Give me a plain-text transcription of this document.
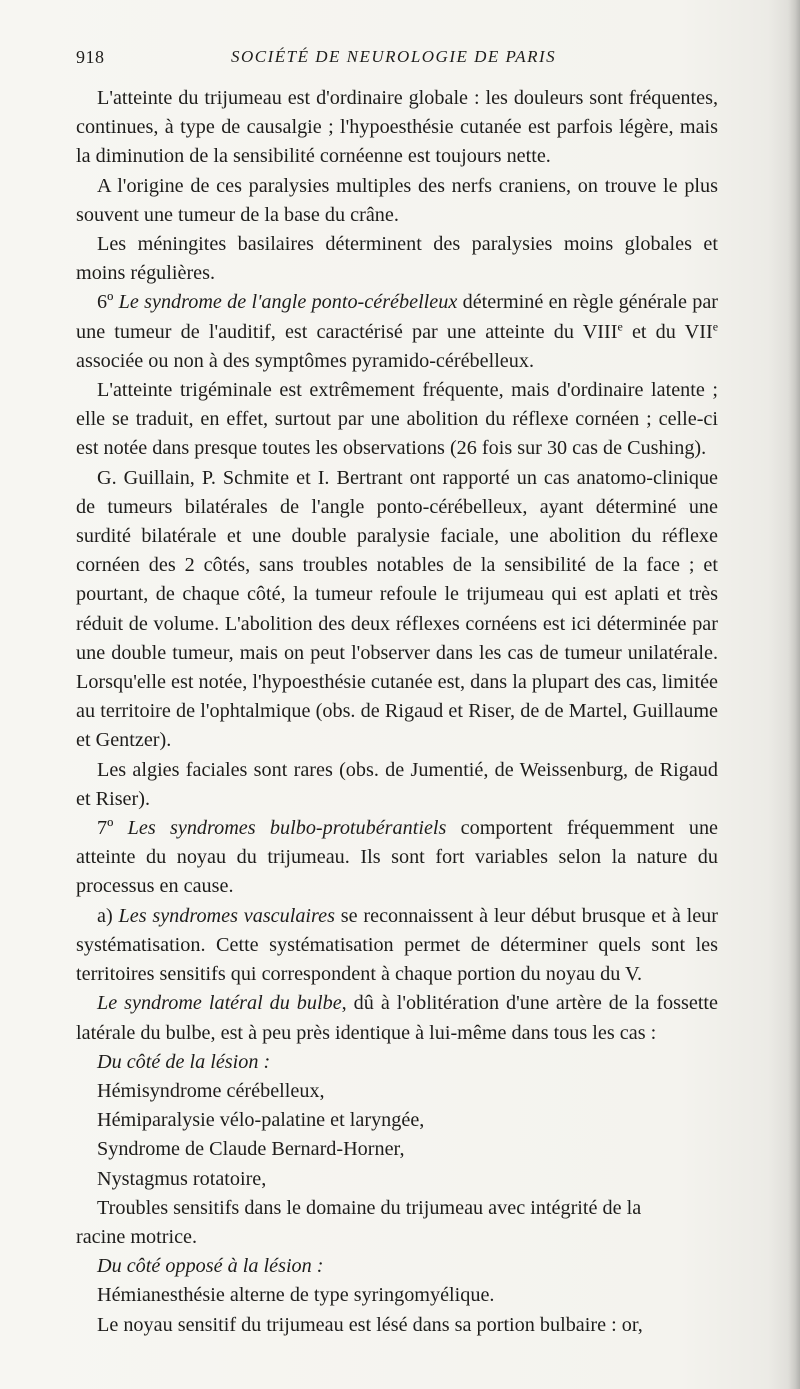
918	SOCIÉTÉ DE NEUROLOGIE DE PARIS

L'atteinte du trijumeau est d'ordinaire globale : les douleurs sont fréquentes, continues, à type de causalgie ; l'hypoesthésie cutanée est parfois légère, mais la diminution de la sensibilité cornéenne est toujours nette.

A l'origine de ces paralysies multiples des nerfs craniens, on trouve le plus souvent une tumeur de la base du crâne.

Les méningites basilaires déterminent des paralysies moins globales et moins régulières.

6º Le syndrome de l'angle ponto-cérébelleux déterminé en règle générale par une tumeur de l'auditif, est caractérisé par une atteinte du VIIIe et du VIIe associée ou non à des symptômes pyramido-cérébelleux.

L'atteinte trigéminale est extrêmement fréquente, mais d'ordinaire latente ; elle se traduit, en effet, surtout par une abolition du réflexe cornéen ; celle-ci est notée dans presque toutes les observations (26 fois sur 30 cas de Cushing).

G. Guillain, P. Schmite et I. Bertrant ont rapporté un cas anatomo-clinique de tumeurs bilatérales de l'angle ponto-cérébelleux, ayant déterminé une surdité bilatérale et une double paralysie faciale, une abolition du réflexe cornéen des 2 côtés, sans troubles notables de la sensibilité de la face ; et pourtant, de chaque côté, la tumeur refoule le trijumeau qui est aplati et très réduit de volume. L'abolition des deux réflexes cornéens est ici déterminée par une double tumeur, mais on peut l'observer dans les cas de tumeur unilatérale. Lorsqu'elle est notée, l'hypoesthésie cutanée est, dans la plupart des cas, limitée au territoire de l'ophtalmique (obs. de Rigaud et Riser, de de Martel, Guillaume et Gentzer).

Les algies faciales sont rares (obs. de Jumentié, de Weissenburg, de Rigaud et Riser).

7º Les syndromes bulbo-protubérantiels comportent fréquemment une atteinte du noyau du trijumeau. Ils sont fort variables selon la nature du processus en cause.

a) Les syndromes vasculaires se reconnaissent à leur début brusque et à leur systématisation. Cette systématisation permet de déterminer quels sont les territoires sensitifs qui correspondent à chaque portion du noyau du V.

Le syndrome latéral du bulbe, dû à l'oblitération d'une artère de la fossette latérale du bulbe, est à peu près identique à lui-même dans tous les cas :

Du côté de la lésion :

Hémisyndrome cérébelleux,

Hémiparalysie vélo-palatine et laryngée,

Syndrome de Claude Bernard-Horner,

Nystagmus rotatoire,

Troubles sensitifs dans le domaine du trijumeau avec intégrité de la

racine motrice.

Du côté opposé à la lésion :

Hémianesthésie alterne de type syringomyélique.

Le noyau sensitif du trijumeau est lésé dans sa portion bulbaire : or,
